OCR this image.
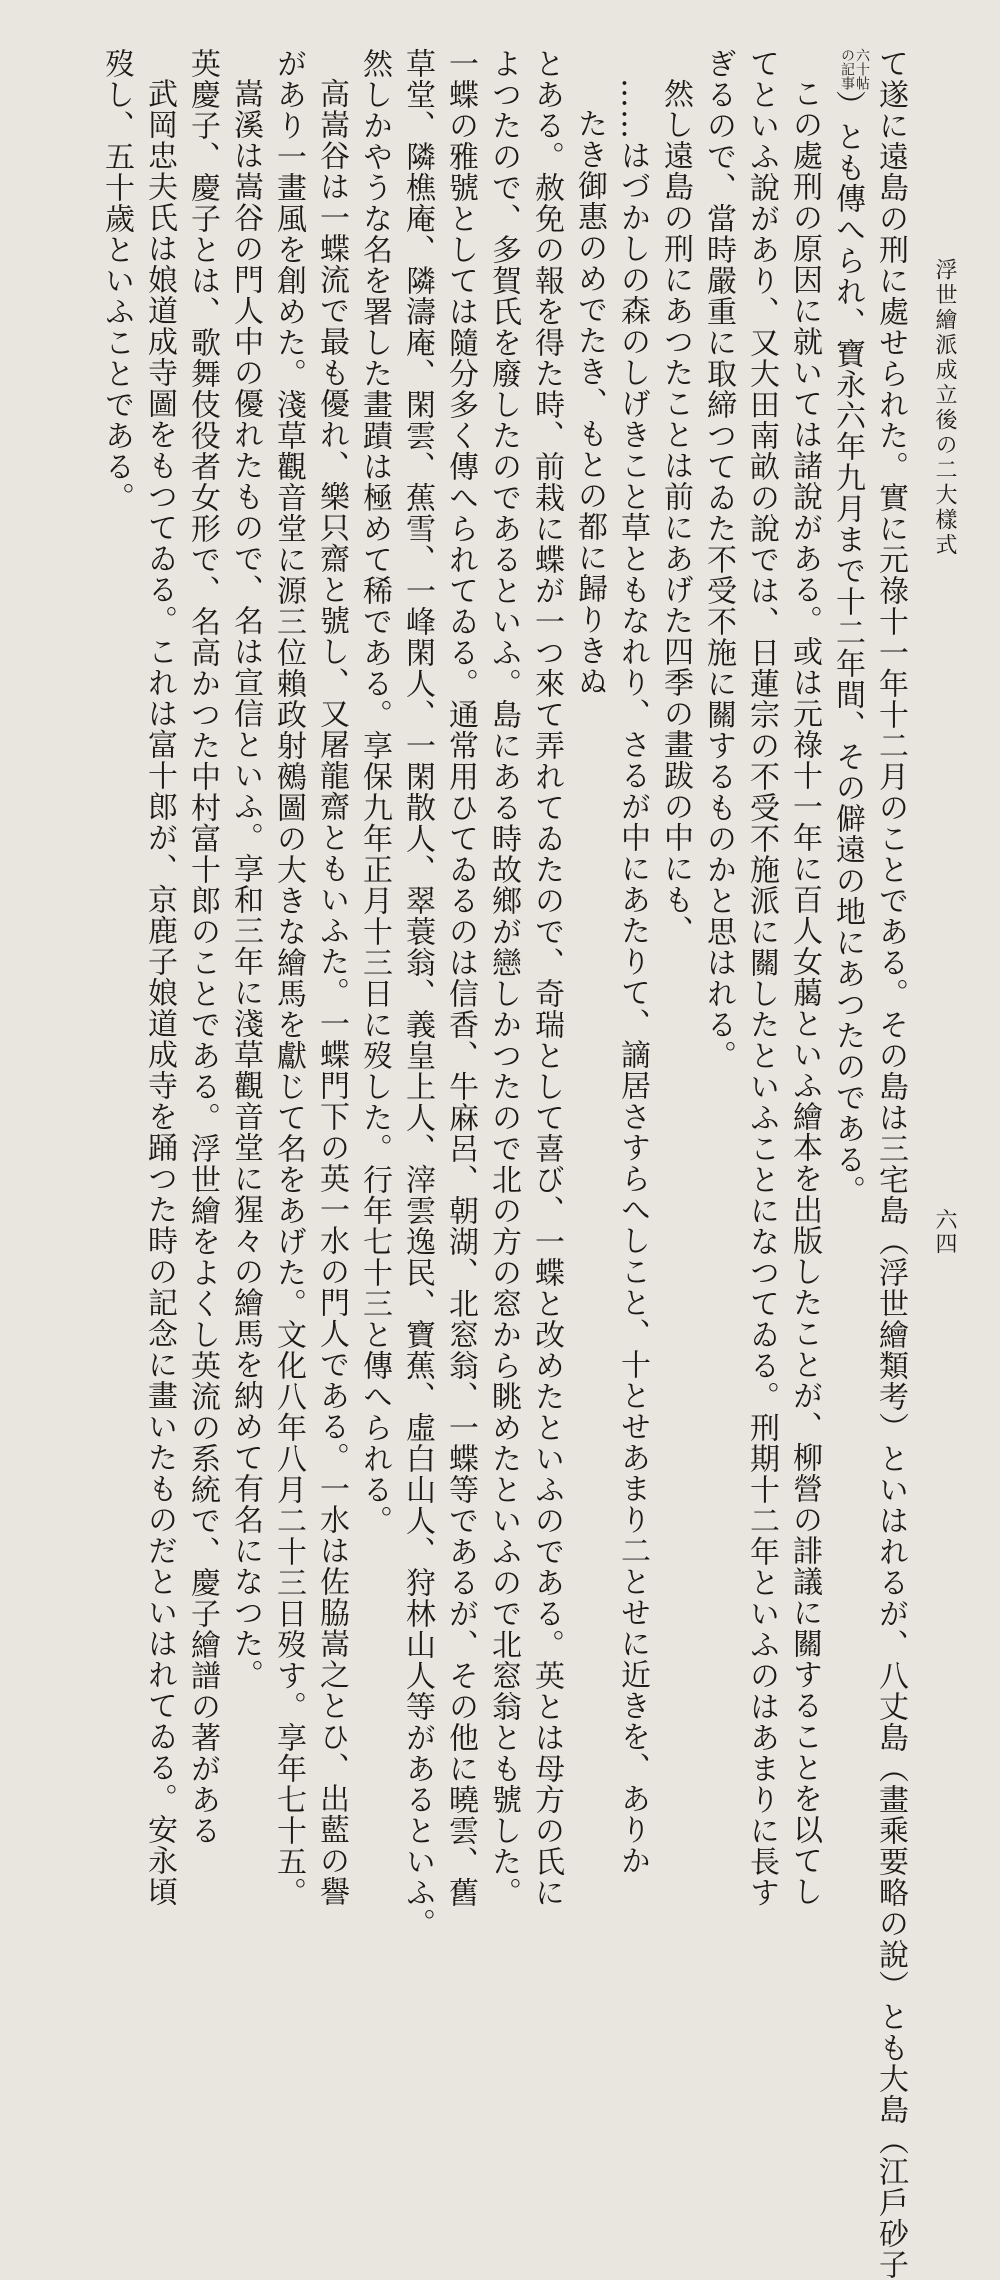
浮世繪派成立後の二大樣式
六四

て遂に遠島の刑に處せられた。實に元祿十一年十二月のことである。その島は三宅島（浮世繪類考）といはれるが、八丈島（畫乘要略の說）とも大島（江戶砂子

六十帖
の記事）とも傳へられ、寶永六年九月まで十二年間、その僻遠の地にあつたのである。

この處刑の原因に就いては諸說がある。或は元祿十一年に百人女﨟といふ繪本を出版したことが、柳營の誹議に關することを以てし

てといふ說があり、又大田南畝の說では、日蓮宗の不受不施派に關したといふことになつてゐる。刑期十二年といふのはあまりに長す

ぎるので、當時嚴重に取締つてゐた不受不施に關するものかと思はれる。

然し遠島の刑にあつたことは前にあげた四季の畫跋の中にも、

……はづかしの森のしげきこと草ともなれり、さるが中にあたりて、謫居さすらへしこと、十とせあまり二とせに近きを、ありか

たき御惠のめでたき、もとの都に歸りきぬ

とある。赦免の報を得た時、前栽に蝶が一つ來て弄れてゐたので、奇瑞として喜び、一蝶と改めたといふのである。英とは母方の氏に

よつたので、多賀氏を廢したのであるといふ。島にある時故鄉が戀しかつたので北の方の窓から眺めたといふので北窓翁とも號した。

一蝶の雅號としては隨分多く傳へられてゐる。通常用ひてゐるのは信香、牛麻呂、朝湖、北窓翁、一蝶等であるが、その他に曉雲、舊

草堂、隣樵庵、隣濤庵、閑雲、蕉雪、一峰閑人、一閑散人、翠蓑翁、義皇上人、滓雲逸民、寶蕉、虛白山人、狩林山人等があるといふ。

然しかやうな名を署した畫蹟は極めて稀である。享保九年正月十三日に歿した。行年七十三と傳へられる。

高嵩谷は一蝶流で最も優れ、樂只齋と號し、又屠龍齋ともいふた。一蝶門下の英一水の門人である。一水は佐脇嵩之とひ、出藍の譽

があり一畫風を創めた。淺草觀音堂に源三位賴政射鵺圖の大きな繪馬を獻じて名をあげた。文化八年八月二十三日歿す。享年七十五。

嵩溪は嵩谷の門人中の優れたもので、名は宣信といふ。享和三年に淺草觀音堂に猩々の繪馬を納めて有名になつた。

英慶子、慶子とは、歌舞伎役者女形で、名高かつた中村富十郎のことである。浮世繪をよくし英流の系統で、慶子繪譜の著がある

武岡忠夫氏は娘道成寺圖をもつてゐる。これは富十郎が、京鹿子娘道成寺を踊つた時の記念に畫いたものだといはれてゐる。安永頃

歿し、五十歲といふことである。
